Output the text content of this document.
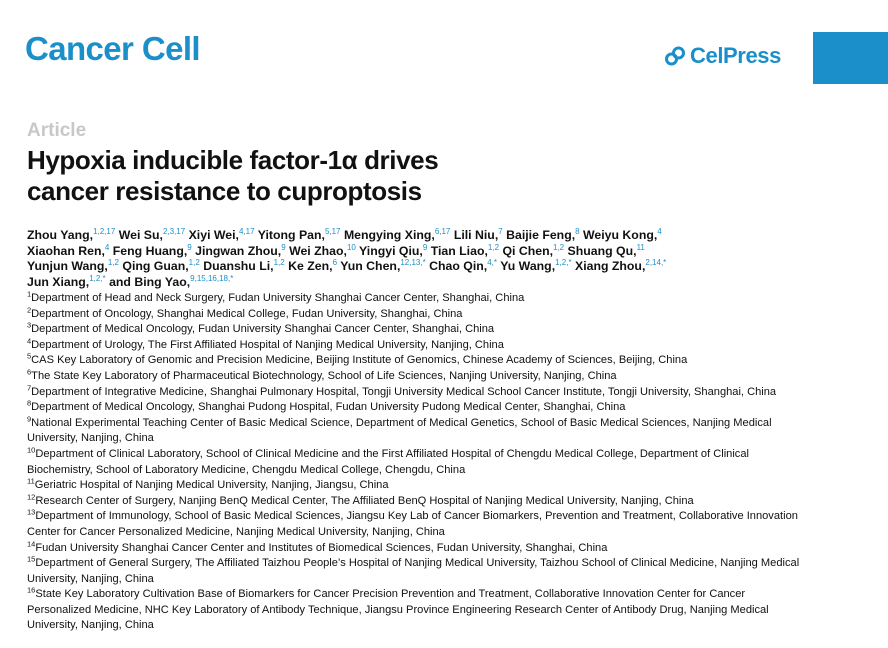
Cancer Cell	CelPress
Article
Hypoxia inducible factor-1α drives
cancer resistance to cuproptosis
Zhou Yang,$^{1,2,17}$ Wei Su,$^{2,3,17}$ Xiyi Wei,$^{4,17}$ Yitong Pan,$^{5,17}$ Mengying Xing,$^{6,17}$ Lili Niu,$^7$ Baijie Feng,$^8$ Weiyu Kong,$^4$
Xiaohan Ren,$^4$ Feng Huang,$^9$ Jingwan Zhou,$^9$ Wei Zhao,$^{10}$ Yingyi Qiu,$^9$ Tian Liao,$^{1,2}$ Qi Chen,$^{1,2}$ Shuang Qu,$^{11}$
Yunjun Wang,$^{1,2}$ Qing Guan,$^{1,2}$ Duanshu Li,$^{1,2}$ Ke Zen,$^6$ Yun Chen,$^{12,13,*}$ Chao Qin,$^{4,*}$ Yu Wang,$^{1,2,*}$ Xiang Zhou,$^{2,14,*}$
Jun Xiang,$^{1,2,*}$ and Bing Yao,$^{9,15,16,18,*}$
$^1$Department of Head and Neck Surgery, Fudan University Shanghai Cancer Center, Shanghai, China
$^2$Department of Oncology, Shanghai Medical College, Fudan University, Shanghai, China
$^3$Department of Medical Oncology, Fudan University Shanghai Cancer Center, Shanghai, China
$^4$Department of Urology, The First Affiliated Hospital of Nanjing Medical University, Nanjing, China
$^5$CAS Key Laboratory of Genomic and Precision Medicine, Beijing Institute of Genomics, Chinese Academy of Sciences, Beijing, China
$^6$The State Key Laboratory of Pharmaceutical Biotechnology, School of Life Sciences, Nanjing University, Nanjing, China
$^7$Department of Integrative Medicine, Shanghai Pulmonary Hospital, Tongji University Medical School Cancer Institute, Tongji University, Shanghai, China
$^8$Department of Medical Oncology, Shanghai Pudong Hospital, Fudan University Pudong Medical Center, Shanghai, China
$^9$National Experimental Teaching Center of Basic Medical Science, Department of Medical Genetics, School of Basic Medical Sciences, Nanjing Medical University, Nanjing, China
$^{10}$Department of Clinical Laboratory, School of Clinical Medicine and the First Affiliated Hospital of Chengdu Medical College, Department of Clinical Biochemistry, School of Laboratory Medicine, Chengdu Medical College, Chengdu, China
$^{11}$Geriatric Hospital of Nanjing Medical University, Nanjing, Jiangsu, China
$^{12}$Research Center of Surgery, Nanjing BenQ Medical Center, The Affiliated BenQ Hospital of Nanjing Medical University, Nanjing, China
$^{13}$Department of Immunology, School of Basic Medical Sciences, Jiangsu Key Lab of Cancer Biomarkers, Prevention and Treatment, Collaborative Innovation Center for Cancer Personalized Medicine, Nanjing Medical University, Nanjing, China
$^{14}$Fudan University Shanghai Cancer Center and Institutes of Biomedical Sciences, Fudan University, Shanghai, China
$^{15}$Department of General Surgery, The Affiliated Taizhou People’s Hospital of Nanjing Medical University, Taizhou School of Clinical Medicine, Nanjing Medical University, Nanjing, China
$^{16}$State Key Laboratory Cultivation Base of Biomarkers for Cancer Precision Prevention and Treatment, Collaborative Innovation Center for Cancer Personalized Medicine, NHC Key Laboratory of Antibody Technique, Jiangsu Province Engineering Research Center of Antibody Drug, Nanjing Medical University, Nanjing, China
